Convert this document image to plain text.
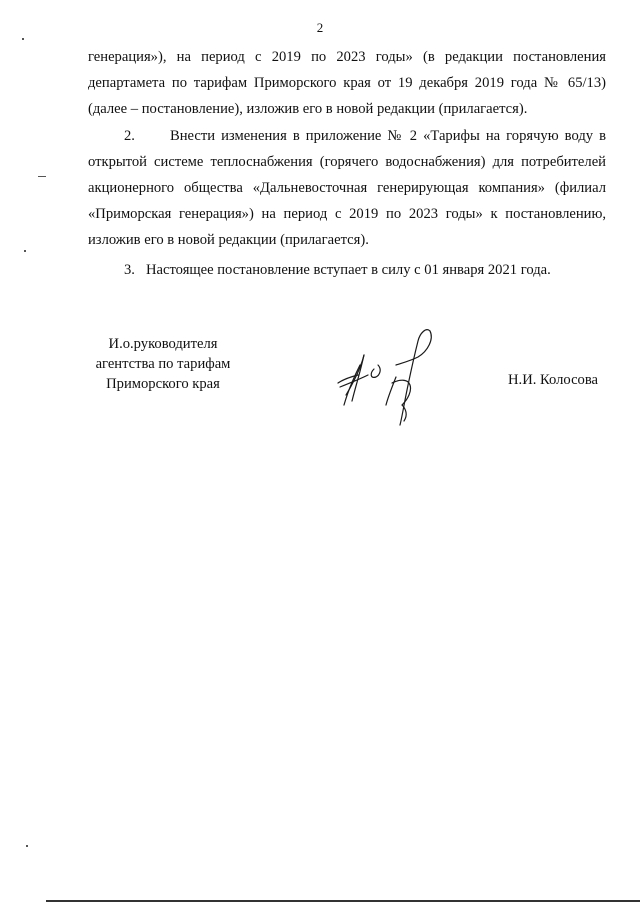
2

генерация»), на период с 2019 по 2023 годы» (в редакции постановления департамета по тарифам Приморского края от 19 декабря 2019 года № 65/13) (далее – постановление), изложив его в новой редакции (прилагается).

2. Внести изменения в приложение № 2 «Тарифы на горячую воду в открытой системе теплоснабжения (горячего водоснабжения) для потребителей акционерного общества «Дальневосточная генерирующая компания» (филиал «Приморская генерация») на период с 2019 по 2023 годы» к постановлению, изложив его в новой редакции (прилагается).

3. Настоящее постановление вступает в силу с 01 января 2021 года.

И.о.руководителя
агентства по тарифам
Приморского края	Н.И. Колосова
